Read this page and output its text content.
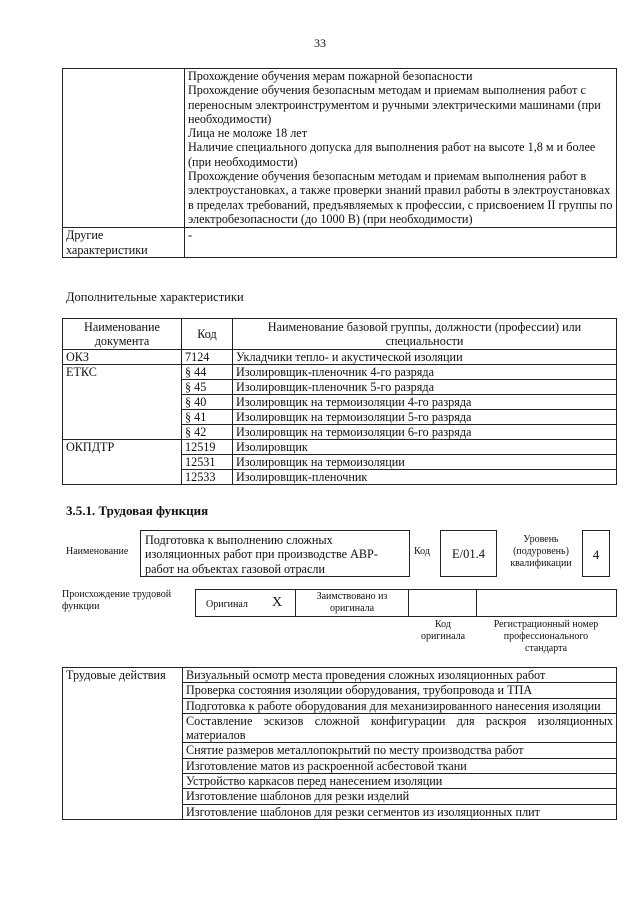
33

	Прохождение обучения мерам пожарной безопасности
Прохождение обучения безопасным методам и приемам выполнения работ с переносным электроинструментом и ручными электрическими машинами (при необходимости)
Лица не моложе 18 лет
Наличие специального допуска для выполнения работ на высоте 1,8 м и более (при необходимости)
Прохождение обучения безопасным методам и приемам выполнения работ в электроустановках, а также проверки знаний правил работы в электроустановках в пределах требований, предъявляемых к профессии, с присвоением II группы по электробезопасности (до 1000 В) (при необходимости)

Другие характеристики	-
Дополнительные характеристики
Наименование документа	Код	Наименование базовой группы, должности (профессии) или специальности
ОКЗ	7124	Укладчики тепло- и акустической изоляции
ЕТКС	§ 44	Изолировщик-пленочник 4-го разряда
	§ 45	Изолировщик-пленочник 5-го разряда
	§ 40	Изолировщик на термоизоляции 4-го разряда
	§ 41	Изолировщик на термоизоляции 5-го разряда
	§ 42	Изолировщик на термоизоляции 6-го разряда
ОКПДТР	12519	Изолировщик
	12531	Изолировщик на термоизоляции
	12533	Изолировщик-пленочник
3.5.1. Трудовая функция
Наименование
Подготовка к выполнению сложных изоляционных работ при производстве АВР-работ на объектах газовой отрасли
Код	E/01.4
Уровень (подуровень) квалификации
4
Происхождение трудовой функции	Оригинал X	Заимствовано из оригинала
Код оригинала
Регистрационный номер профессионального стандарта
Трудовые действия	Визуальный осмотр места проведения сложных изоляционных работ
Проверка состояния изоляции оборудования, трубопровода и ТПА
Подготовка к работе оборудования для механизированного нанесения изоляции
Составление эскизов сложной конфигурации для раскроя изоляционных материалов
Снятие размеров металлопокрытий по месту производства работ
Изготовление матов из раскроенной асбестовой ткани
Устройство каркасов перед нанесением изоляции
Изготовление шаблонов для резки изделий
Изготовление шаблонов для резки сегментов из изоляционных плит
